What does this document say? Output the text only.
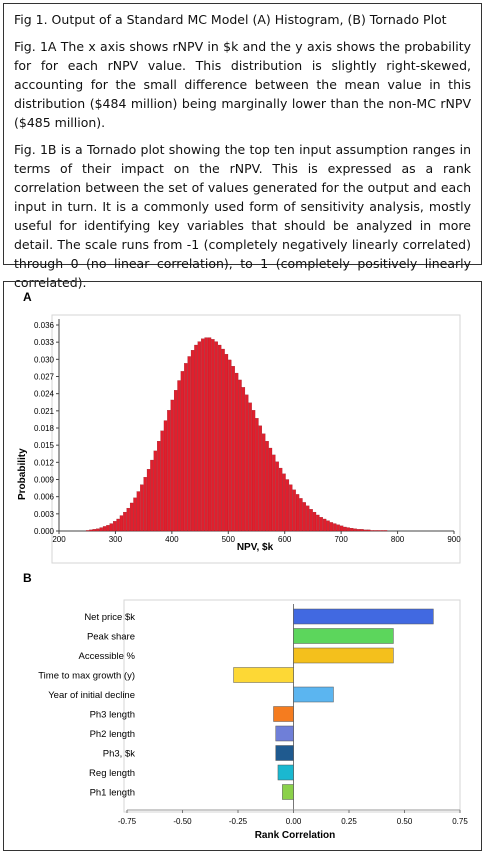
Fig 1. Output of a Standard MC Model (A) Histogram, (B) Tornado Plot

Fig. 1A The x axis shows rNPV in $k and the y axis shows the probability for for each rNPV value. This distribution is slightly right-skewed, accounting for the small difference between the mean value in this distribution ($484 million) being marginally lower than the non-MC rNPV ($485 million).

Fig. 1B is a Tornado plot showing the top ten input assumption ranges in terms of their impact on the rNPV. This is expressed as a rank correlation between the set of values generated for the output and each input in turn. It is a commonly used form of sensitivity analysis, mostly useful for identifying key variables that should be analyzed in more detail. The scale runs from -1 (completely negatively linearly correlated) through 0 (no linear correlation), to 1 (completely positively linearly correlated).

A
0.000
0.003
0.006
0.009
0.012
0.015
0.018
0.021
0.024
0.027
0.030
0.033
0.036
200	300	400	500	600	700	800	900
Probability
NPV, $k
B
Net price $k
Peak share
Accessible %
Time to max growth (y)
Year of initial decline
Ph3 length
Ph2 length
Ph3, $k
Reg length
Ph1 length
-0.75	-0.50	-0.25	0.00	0.25	0.50	0.75
Rank Correlation
